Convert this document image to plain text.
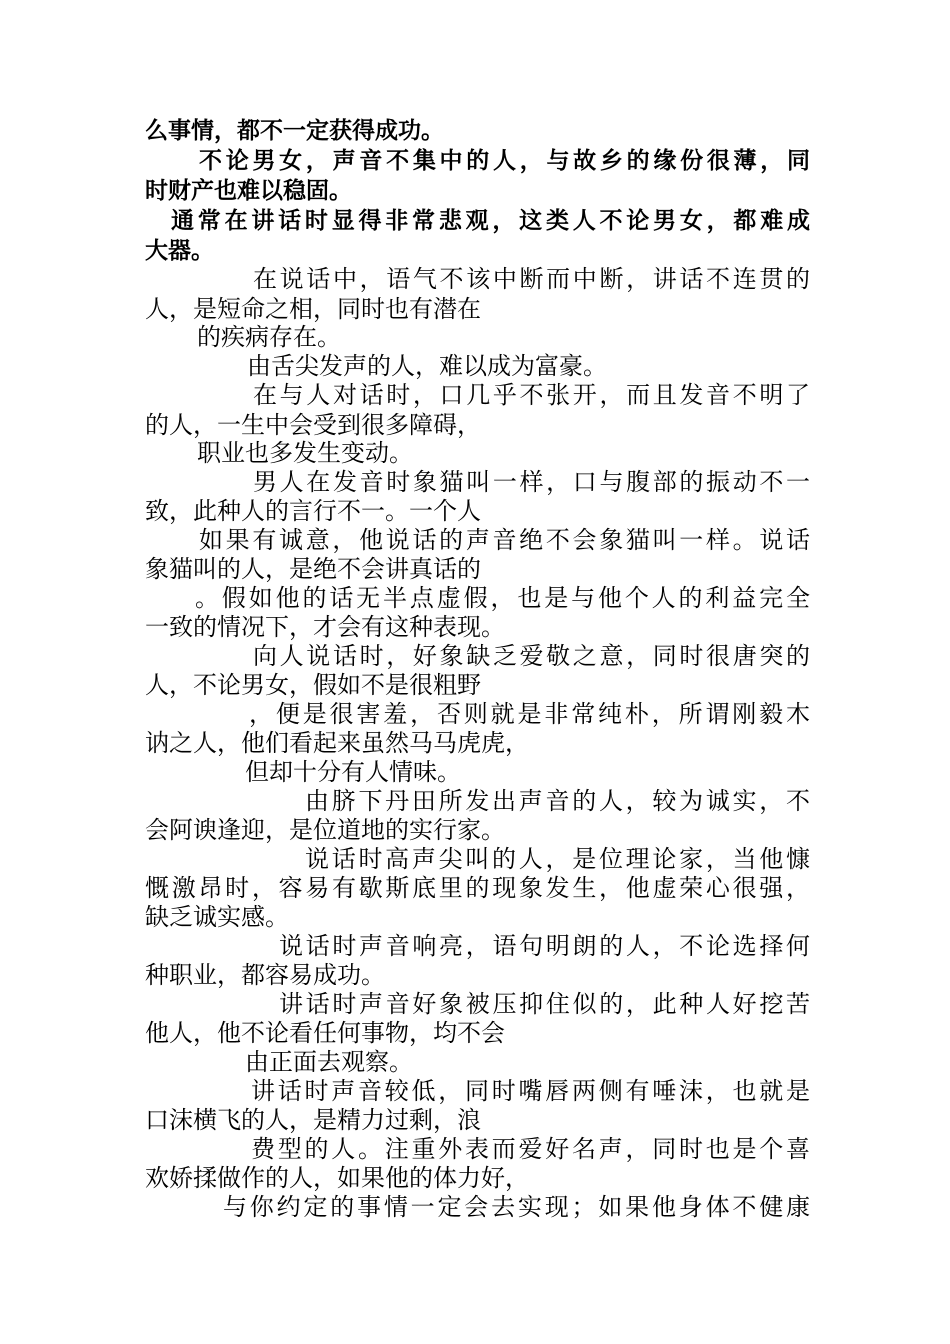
么事情，都不一定获得成功。
不论男女，声音不集中的人，与故乡的缘份很薄，同
时财产也难以稳固。
通常在讲话时显得非常悲观，这类人不论男女，都难成
大器。
在说话中，语气不该中断而中断，讲话不连贯的
人，是短命之相，同时也有潜在
的疾病存在。
由舌尖发声的人，难以成为富豪。
在与人对话时，口几乎不张开，而且发音不明了
的人，一生中会受到很多障碍，
职业也多发生变动。
男人在发音时象猫叫一样，口与腹部的振动不一
致，此种人的言行不一。一个人
如果有诚意，他说话的声音绝不会象猫叫一样。说话
象猫叫的人，是绝不会讲真话的
。假如他的话无半点虚假，也是与他个人的利益完全
一致的情况下，才会有这种表现。
向人说话时，好象缺乏爱敬之意，同时很唐突的
人，不论男女，假如不是很粗野
，便是很害羞，否则就是非常纯朴，所谓刚毅木
讷之人，他们看起来虽然马马虎虎，
但却十分有人情味。
由脐下丹田所发出声音的人，较为诚实，不
会阿谀逢迎，是位道地的实行家。
说话时高声尖叫的人，是位理论家，当他慷
慨激昂时，容易有歇斯底里的现象发生，他虚荣心很强，
缺乏诚实感。
说话时声音响亮，语句明朗的人，不论选择何
种职业，都容易成功。
讲话时声音好象被压抑住似的，此种人好挖苦
他人，他不论看任何事物，均不会
由正面去观察。
讲话时声音较低，同时嘴唇两侧有唾沫，也就是
口沫横飞的人，是精力过剩，浪
费型的人。注重外表而爱好名声，同时也是个喜
欢娇揉做作的人，如果他的体力好，
与你约定的事情一定会去实现；如果他身体不健康
